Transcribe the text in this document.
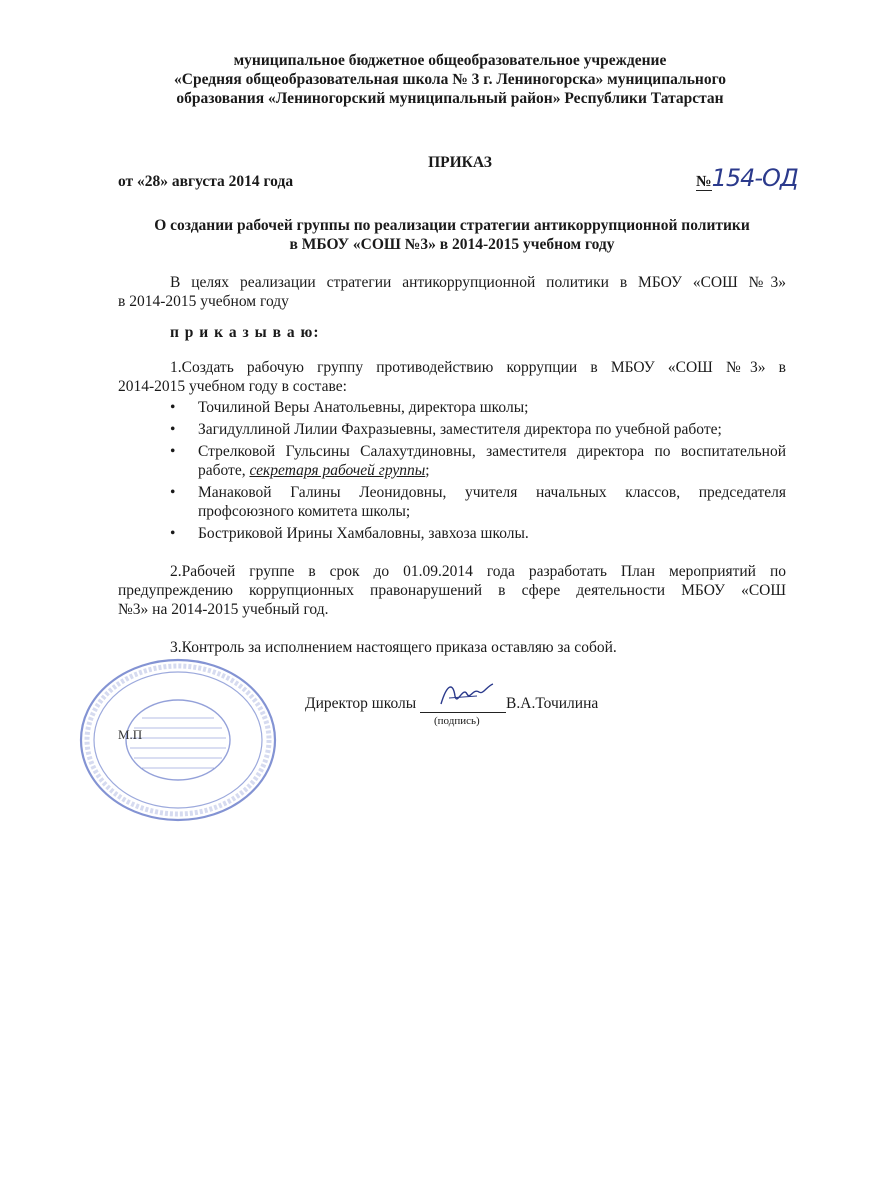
муниципальное бюджетное общеобразовательное учреждение
«Средняя общеобразовательная школа № 3 г. Лениногорска» муниципального
образования «Лениногорский муниципальный район» Республики Татарстан
ПРИКАЗ
от «28» августа 2014 года	№154-ОД
О создании рабочей группы по реализации стратегии антикоррупционной политики
в МБОУ «СОШ №3» в 2014-2015 учебном году
В целях реализации стратегии антикоррупционной политики в МБОУ «СОШ №3»
в 2014-2015 учебном году
п р и к а з ы в а ю:
1.Создать рабочую группу противодействию коррупции в МБОУ «СОШ №3» в
2014-2015 учебном году в составе:
• Точилиной Веры Анатольевны, директора школы;
• Загидуллиной Лилии Фахразыевны, заместителя директора по учебной работе;
• Стрелковой Гульсины Салахутдиновны, заместителя директора по воспитательной работе, секретаря рабочей группы;
• Манаковой Галины Леонидовны, учителя начальных классов, председателя профсоюзного комитета школы;
• Бостриковой Ирины Хамбаловны, завхоза школы.
2.Рабочей группе в срок до 01.09.2014 года разработать План мероприятий по
предупреждению коррупционных правонарушений в сфере деятельности МБОУ «СОШ
№3» на 2014-2015 учебный год.
3.Контроль за исполнением настоящего приказа оставляю за собой.
М.П
Директор школы	В.А.Точилина
(подпись)
